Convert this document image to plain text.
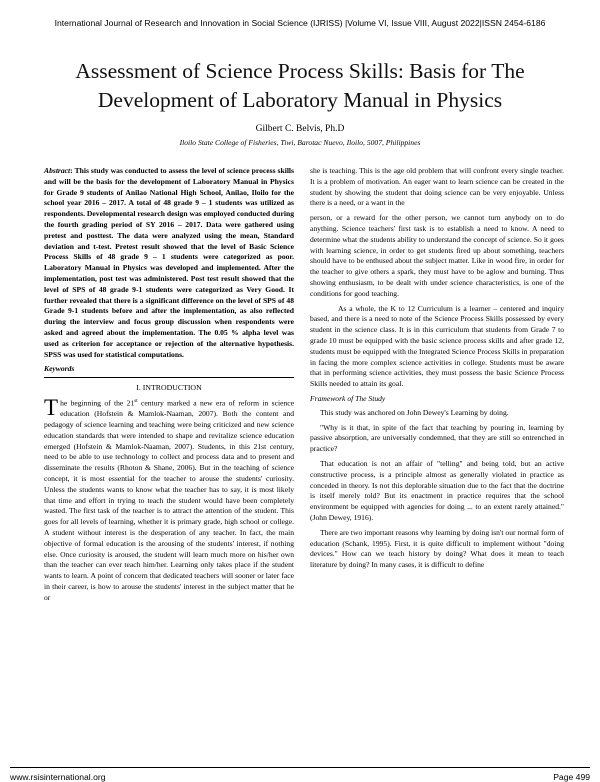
International Journal of Research and Innovation in Social Science (IJRISS) |Volume VI, Issue VIII, August 2022|ISSN 2454-6186
Assessment of Science Process Skills: Basis for The Development of Laboratory Manual in Physics
Gilbert C. Belvis, Ph.D
Iloilo State College of Fisheries, Tiwi, Barotac Nuevo, Iloilo, 5007, Philippines

Abstract: This study was conducted to assess the level of science process skills and will be the basis for the development of Laboratory Manual in Physics for Grade 9 students of Anilao National High School, Anilao, Iloilo for the school year 2016 – 2017. A total of 48 grade 9 – 1 students was utilized as respondents. Developmental research design was employed conducted during the fourth grading period of SY 2016 – 2017. Data were gathered using pretest and posttest. The data were analyzed using the mean, Standard deviation and t-test. Pretest result showed that the level of Basic Science Process Skills of 48 grade 9 – 1 students were categorized as poor. Laboratory Manual in Physics was developed and implemented. After the implementation, post test was administered. Post test result showed that the level of SPS of 48 grade 9-1 students were categorized as Very Good. It further revealed that there is a significant difference on the level of SPS of 48 Grade 9-1 students before and after the implementation, as also reflected during the interview and focus group discussion when respondents were asked and agreed about the implementation. The 0.05 % alpha level was used as criterion for acceptance or rejection of the alternative hypothesis. SPSS was used for statistical computations.

Keywords

I. INTRODUCTION

The beginning of the 21st century marked a new era of reform in science education (Hofstein & Mamlok-Naaman, 2007). Both the content and pedagogy of science learning and teaching were being criticized and new science education standards that were intended to shape and revitalize science education emerged (Hofstein & Mamlok-Naaman, 2007). Students, in this 21st century, need to be able to use technology to collect and process data and to present and disseminate the results (Rhoton & Shane, 2006). But in the teaching of science concept, it is most essential for the teacher to arouse the students' curiosity. Unless the students wants to know what the teacher has to say, it is most likely that time and effort in trying to teach the student would have been completely wasted. The first task of the teacher is to attract the attention of the student. This goes for all levels of learning, whether it is primary grade, high school or college. A student without interest is the desperation of any teacher. In fact, the main objective of formal education is the arousing of the students' interest, if nothing else. Once curiosity is aroused, the student will learn much more on his/her own than the teacher can ever teach him/her. Learning only takes place if the student wants to learn. A point of concern that dedicated teachers will sooner or later face in their career, is how to arouse the students' interest in the subject matter that he or

she is teaching. This is the age old problem that will confront every single teacher. It is a problem of motivation. An eager want to learn science can be created in the student by showing the student that doing science can be very enjoyable. Unless there is a need, or a want in the

person, or a reward for the other person, we cannot turn anybody on to do anything. Science teachers' first task is to establish a need to know. A need to determine what the students ability to understand the concept of science. So it goes with learning science, in order to get students fired up about something, teachers should have to be enthused about the subject matter. Like in wood fire, in order for the teacher to give others a spark, they must have to be aglow and burning. Thus showing enthusiasm, to be dealt with under science characteristics, is one of the conditions for good teaching.

As a whole, the K to 12 Curriculum is a learner – centered and inquiry based, and there is a need to note of the Science Process Skills possessed by every student in the science class. It is in this curriculum that students from Grade 7 to grade 10 must be equipped with the basic science process skills and after grade 12, students must be equipped with the Integrated Science Process Skills in preparation in facing the more complex science activities in college. Students must be aware that in performing science activities, they must possess the basic Science Process Skills needed to attain its goal.

Framework of The Study

This study was anchored on John Dewey's Learning by doing.

"Why is it that, in spite of the fact that teaching by pouring in, learning by passive absorption, are universally condemned, that they are still so entrenched in practice?

That education is not an affair of "telling" and being told, but an active constructive process, is a principle almost as generally violated in practice as conceded in theory. Is not this deplorable situation due to the fact that the doctrine is itself merely told? But its enactment in practice requires that the school environment be equipped with agencies for doing ... to an extent rarely attained." (John Dewey, 1916).

There are two important reasons why learning by doing isn't our normal form of education (Schank, 1995). First, it is quite difficult to implement without "doing devices." How can we teach history by doing? What does it mean to teach literature by doing? In many cases, it is difficult to define

www.rsisinternational.org	Page 499
